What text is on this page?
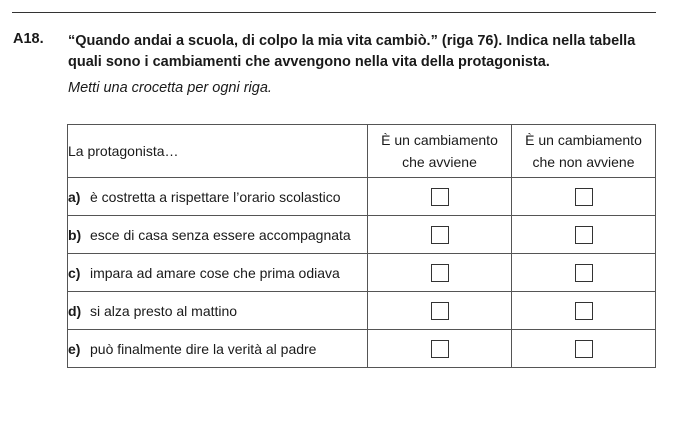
A18. “Quando andai a scuola, di colpo la mia vita cambiò.” (riga 76). Indica nella tabella quali sono i cambiamenti che avvengono nella vita della protagonista.
Metti una crocetta per ogni riga.
La protagonista…	È un cambiamento che avviene	È un cambiamento che non avviene
a) è costretta a rispettare l’orario scolastico		
b) esce di casa senza essere accompagnata		
c) impara ad amare cose che prima odiava		
d) si alza presto al mattino		
e) può finalmente dire la verità al padre		
